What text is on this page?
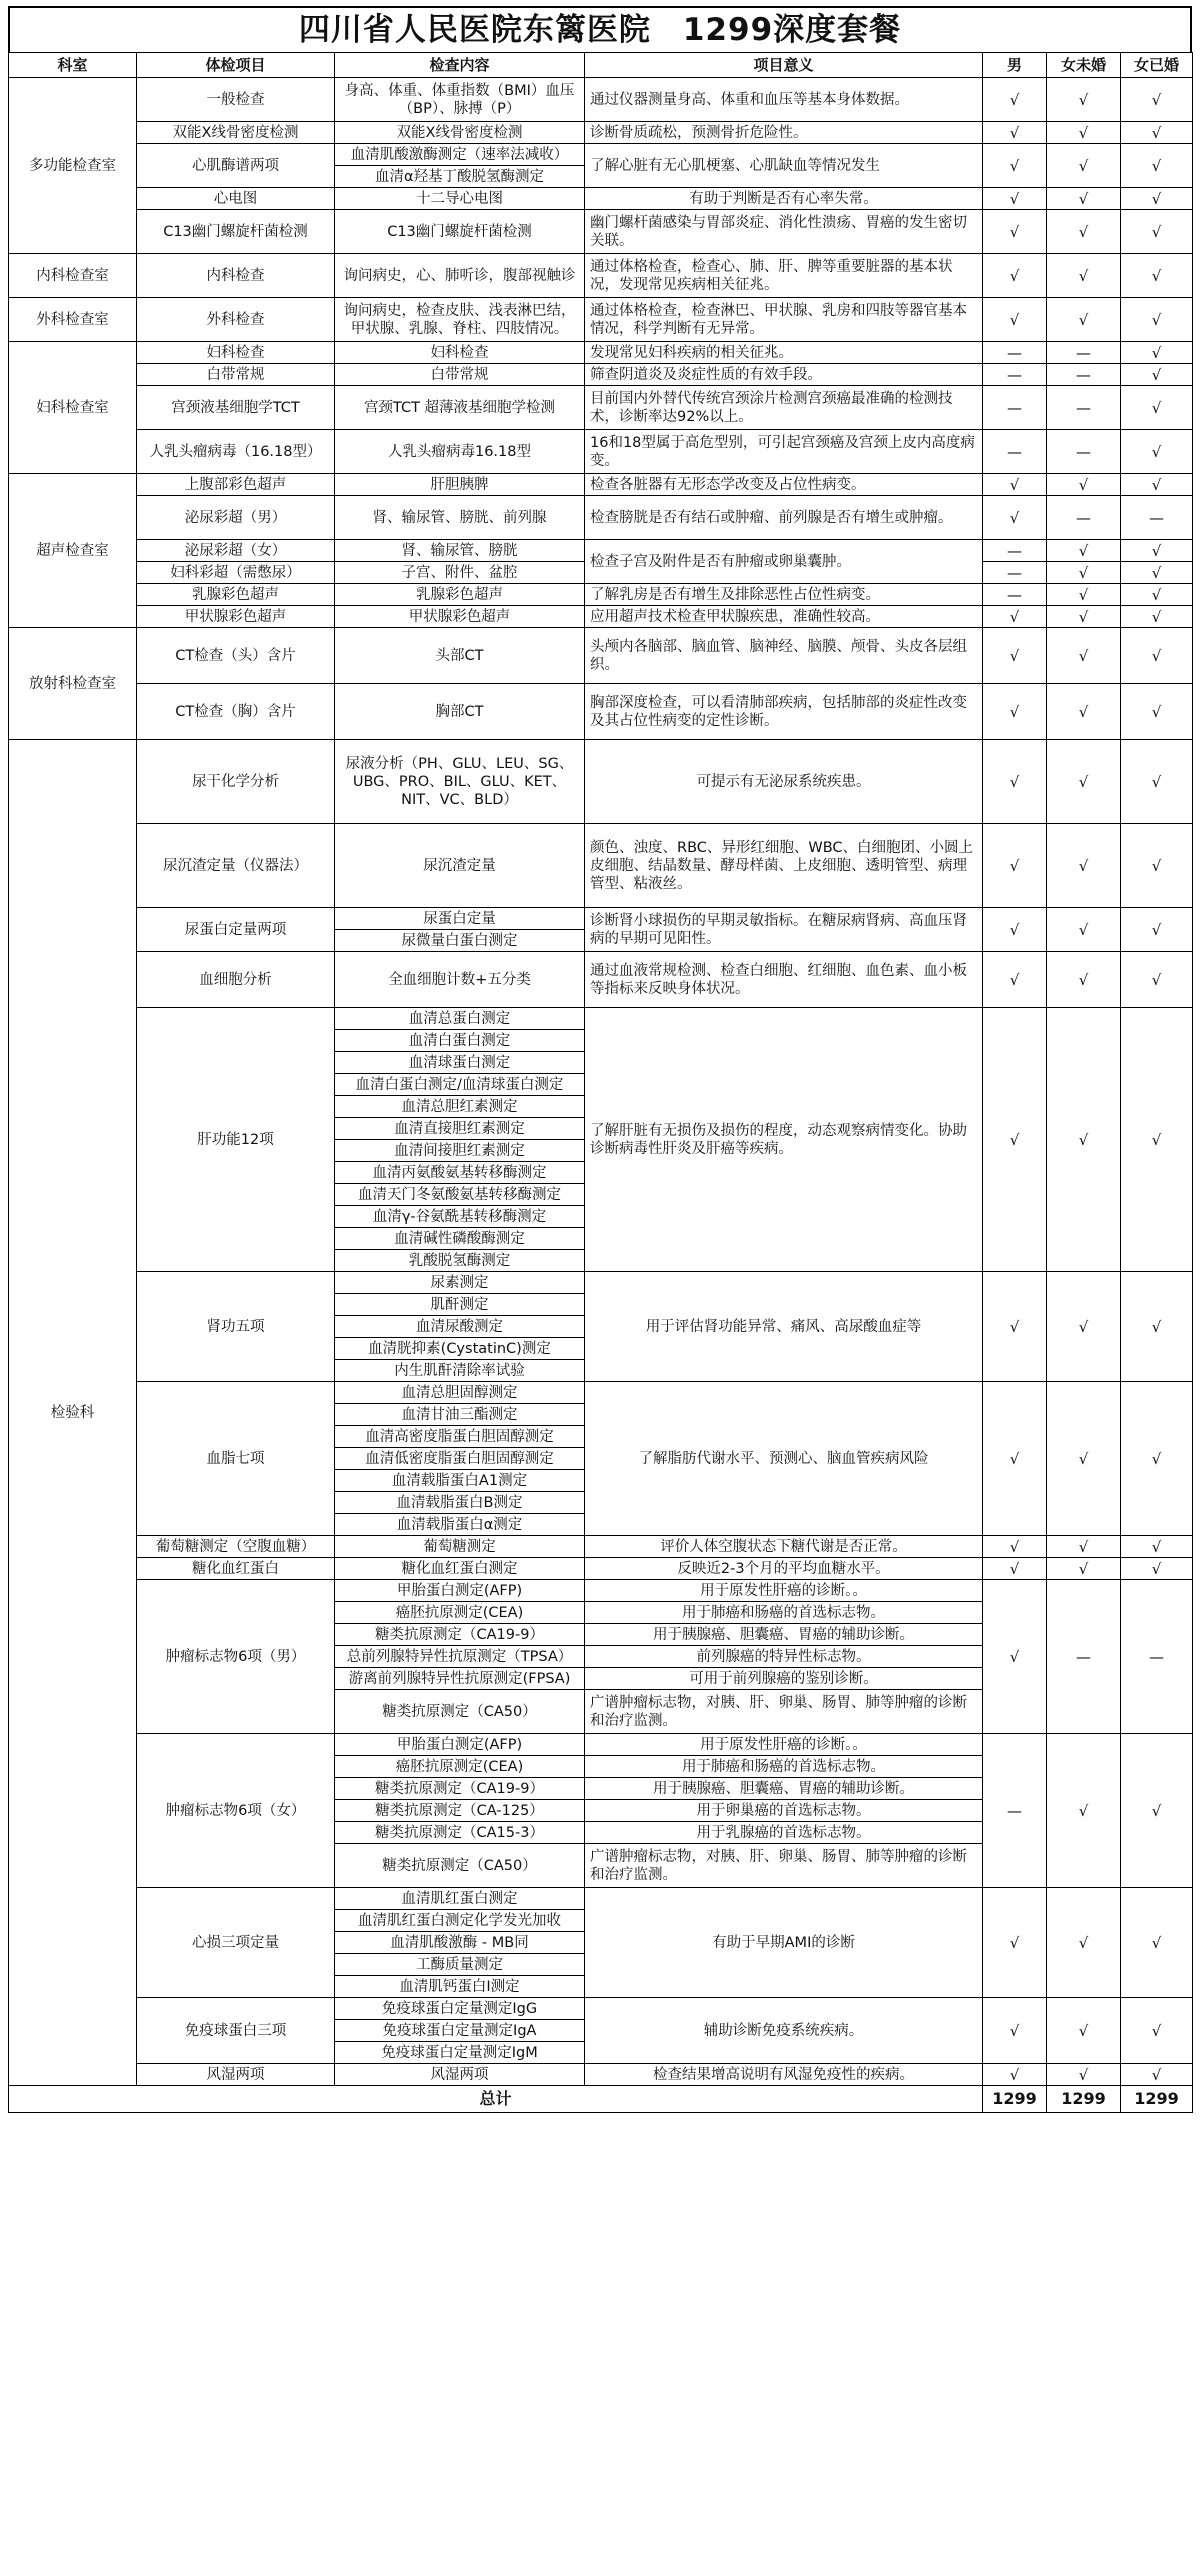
四川省人民医院东篱医院　1299深度套餐
科室	体检项目	检查内容	项目意义	男	女未婚	女已婚
多功能检查室	一般检查	身高、体重、体重指数（BMI）血压（BP）、脉搏（P）	通过仪器测量身高、体重和血压等基本身体数据。	√	√	√
	双能X线骨密度检测	双能X线骨密度检测	诊断骨质疏松，预测骨折危险性。	√	√	√
	心肌酶谱两项	血清肌酸激酶测定（速率法减收）	了解心脏有无心肌梗塞、心肌缺血等情况发生	√	√	√
		血清α羟基丁酸脱氢酶测定				
	心电图	十二导心电图	有助于判断是否有心率失常。	√	√	√
	C13幽门螺旋杆菌检测	C13幽门螺旋杆菌检测	幽门螺杆菌感染与胃部炎症、消化性溃疡、胃癌的发生密切关联。	√	√	√
内科检查室	内科检查	询问病史，心、肺听诊，腹部视触诊	通过体格检查，检查心、肺、肝、脾等重要脏器的基本状况，发现常见疾病相关征兆。	√	√	√
外科检查室	外科检查	询问病史，检查皮肤、浅表淋巴结，甲状腺、乳腺、脊柱、四肢情况。	通过体格检查，检查淋巴、甲状腺、乳房和四肢等器官基本情况，科学判断有无异常。	√	√	√
妇科检查室	妇科检查	妇科检查	发现常见妇科疾病的相关征兆。	—	—	√
	白带常规	白带常规	筛查阴道炎及炎症性质的有效手段。	—	—	√
	宫颈液基细胞学TCT	宫颈TCT 超薄液基细胞学检测	目前国内外替代传统宫颈涂片检测宫颈癌最准确的检测技术，诊断率达92%以上。	—	—	√
	人乳头瘤病毒（16.18型）	人乳头瘤病毒16.18型	16和18型属于高危型别，可引起宫颈癌及宫颈上皮内高度病变。	—	—	√
超声检查室	上腹部彩色超声	肝胆胰脾	检查各脏器有无形态学改变及占位性病变。	√	√	√
	泌尿彩超（男）	肾、输尿管、膀胱、前列腺	检查膀胱是否有结石或肿瘤、前列腺是否有增生或肿瘤。	√	—	—
	泌尿彩超（女）	肾、输尿管、膀胱	检查子宫及附件是否有肿瘤或卵巢囊肿。	—	√	√
	妇科彩超（需憋尿）	子宫、附件、盆腔		—	√	√
	乳腺彩色超声	乳腺彩色超声	了解乳房是否有增生及排除恶性占位性病变。	—	√	√
	甲状腺彩色超声	甲状腺彩色超声	应用超声技术检查甲状腺疾患，准确性较高。	√	√	√
放射科检查室	CT检查（头）含片	头部CT	头颅内各脑部、脑血管、脑神经、脑膜、颅骨、头皮各层组织。	√	√	√
	CT检查（胸）含片	胸部CT	胸部深度检查，可以看清肺部疾病，包括肺部的炎症性改变及其占位性病变的定性诊断。	√	√	√
检验科	尿干化学分析	尿液分析（PH、GLU、LEU、SG、UBG、PRO、BIL、GLU、KET、NIT、VC、BLD）	可提示有无泌尿系统疾患。	√	√	√
	尿沉渣定量（仪器法）	尿沉渣定量	颜色、浊度、RBC、异形红细胞、WBC、白细胞团、小圆上皮细胞、结晶数量、酵母样菌、上皮细胞、透明管型、病理管型、粘液丝。	√	√	√
	尿蛋白定量两项	尿蛋白定量	诊断肾小球损伤的早期灵敏指标。在糖尿病肾病、高血压肾病的早期可见阳性。	√	√	√
		尿微量白蛋白测定				
	血细胞分析	全血细胞计数+五分类	通过血液常规检测、检查白细胞、红细胞、血色素、血小板等指标来反映身体状况。	√	√	√
	肝功能12项	血清总蛋白测定	了解肝脏有无损伤及损伤的程度，动态观察病情变化。协助诊断病毒性肝炎及肝癌等疾病。	√	√	√
		血清白蛋白测定				
		血清球蛋白测定				
		血清白蛋白测定/血清球蛋白测定				
		血清总胆红素测定				
		血清直接胆红素测定				
		血清间接胆红素测定				
		血清丙氨酸氨基转移酶测定				
		血清天门冬氨酸氨基转移酶测定				
		血清γ-谷氨酰基转移酶测定				
		血清碱性磷酸酶测定				
		乳酸脱氢酶测定				
	肾功五项	尿素测定	用于评估肾功能异常、痛风、高尿酸血症等	√	√	√
		肌酐测定				
		血清尿酸测定				
		血清胱抑素(CystatinC)测定				
		内生肌酐清除率试验				
	血脂七项	血清总胆固醇测定	了解脂肪代谢水平、预测心、脑血管疾病风险	√	√	√
		血清甘油三酯测定				
		血清高密度脂蛋白胆固醇测定				
		血清低密度脂蛋白胆固醇测定				
		血清载脂蛋白A1测定				
		血清载脂蛋白B测定				
		血清载脂蛋白α测定				
	葡萄糖测定（空腹血糖）	葡萄糖测定	评价人体空腹状态下糖代谢是否正常。	√	√	√
	糖化血红蛋白	糖化血红蛋白测定	反映近2-3个月的平均血糖水平。	√	√	√
	肿瘤标志物6项（男）	甲胎蛋白测定(AFP)	用于原发性肝癌的诊断。。	√	—	—
		癌胚抗原测定(CEA)	用于肺癌和肠癌的首选标志物。			
		糖类抗原测定（CA19-9）	用于胰腺癌、胆囊癌、胃癌的辅助诊断。			
		总前列腺特异性抗原测定（TPSA）	前列腺癌的特异性标志物。			
		游离前列腺特异性抗原测定(FPSA)	可用于前列腺癌的鉴别诊断。			
		糖类抗原测定（CA50）	广谱肿瘤标志物，对胰、肝、卵巢、肠胃、肺等肿瘤的诊断和治疗监测。			
	肿瘤标志物6项（女）	甲胎蛋白测定(AFP)	用于原发性肝癌的诊断。。	—	√	√
		癌胚抗原测定(CEA)	用于肺癌和肠癌的首选标志物。			
		糖类抗原测定（CA19-9）	用于胰腺癌、胆囊癌、胃癌的辅助诊断。			
		糖类抗原测定（CA-125）	用于卵巢癌的首选标志物。			
		糖类抗原测定（CA15-3）	用于乳腺癌的首选标志物。			
		糖类抗原测定（CA50）	广谱肿瘤标志物，对胰、肝、卵巢、肠胃、肺等肿瘤的诊断和治疗监测。			
	心损三项定量	血清肌红蛋白测定	有助于早期AMI的诊断	√	√	√
		血清肌红蛋白测定化学发光加收				
		血清肌酸激酶 - MB同				
		工酶质量测定				
		血清肌钙蛋白I测定				
	免疫球蛋白三项	免疫球蛋白定量测定IgG	辅助诊断免疫系统疾病。	√	√	√
		免疫球蛋白定量测定IgA				
		免疫球蛋白定量测定IgM				
	风湿两项	风湿两项	检查结果增高说明有风湿免疫性的疾病。	√	√	√
总计				1299	1299	1299
